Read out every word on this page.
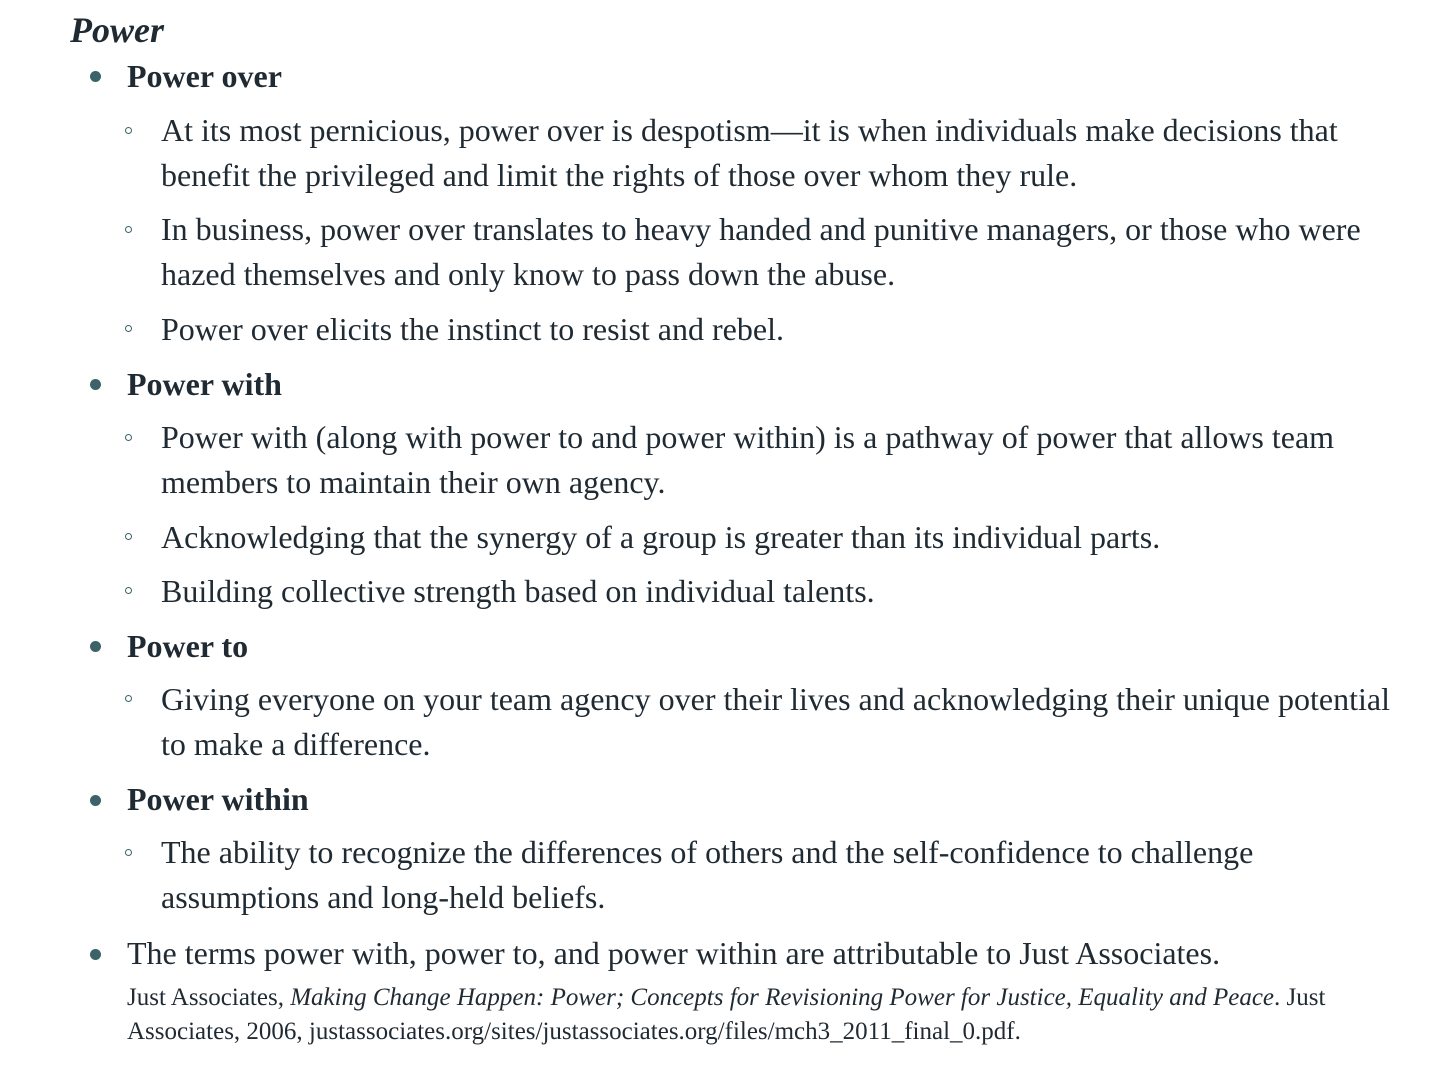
Power
Power over
At its most pernicious, power over is despotism—it is when individuals make decisions that benefit the privileged and limit the rights of those over whom they rule.
In business, power over translates to heavy handed and punitive managers, or those who were hazed themselves and only know to pass down the abuse.
Power over elicits the instinct to resist and rebel.
Power with
Power with (along with power to and power within) is a pathway of power that allows team members to maintain their own agency.
Acknowledging that the synergy of a group is greater than its individual parts.
Building collective strength based on individual talents.
Power to
Giving everyone on your team agency over their lives and acknowledging their unique potential to make a difference.
Power within
The ability to recognize the differences of others and the self-confidence to challenge assumptions and long-held beliefs.
The terms power with, power to, and power within are attributable to Just Associates.
Just Associates, Making Change Happen: Power; Concepts for Revisioning Power for Justice, Equality and Peace. Just Associates, 2006, justassociates.org/sites/justassociates.org/files/mch3_2011_final_0.pdf.
